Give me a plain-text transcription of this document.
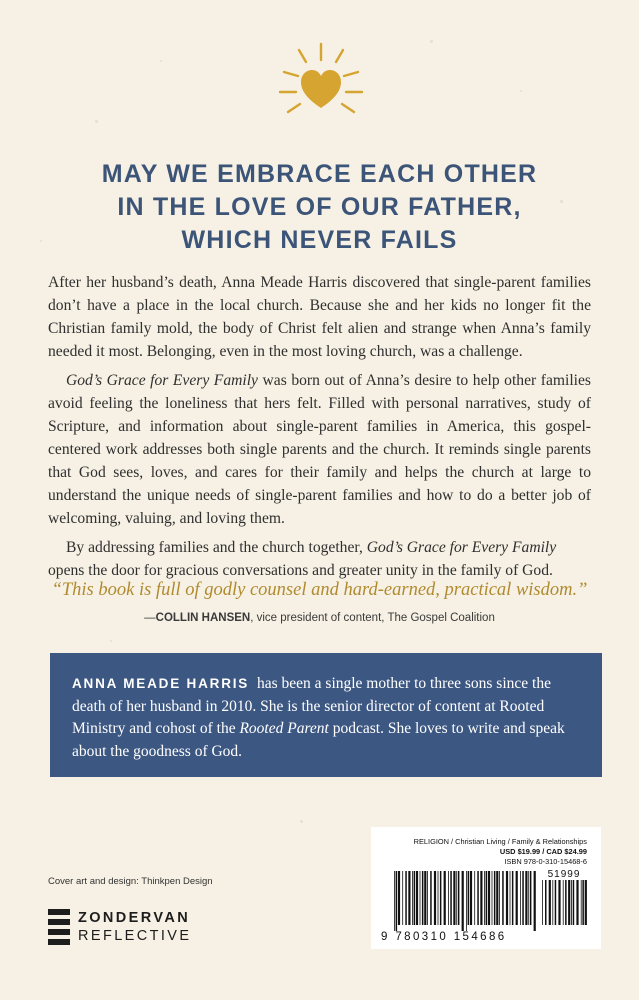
MAY WE EMBRACE EACH OTHER
IN THE LOVE OF OUR FATHER,
WHICH NEVER FAILS

After her husband’s death, Anna Meade Harris discovered that single-parent families don’t have a place in the local church. Because she and her kids no longer fit the Christian family mold, the body of Christ felt alien and strange when Anna’s family needed it most. Belonging, even in the most loving church, was a challenge.

God’s Grace for Every Family was born out of Anna’s desire to help other families avoid feeling the loneliness that hers felt. Filled with personal narratives, study of Scripture, and information about single-parent families in America, this gospel-centered work addresses both single parents and the church. It reminds single parents that God sees, loves, and cares for their family and helps the church at large to understand the unique needs of single-parent families and how to do a better job of welcoming, valuing, and loving them.

By addressing families and the church together, God’s Grace for Every Family opens the door for gracious conversations and greater unity in the family of God.

“This book is full of godly counsel and hard-earned, practical wisdom.”
—COLLIN HANSEN, vice president of content, The Gospel Coalition
ANNA MEADE HARRIS has been a single mother to three sons since the death of her husband in 2010. She is the senior director of content at Rooted Ministry and cohost of the Rooted Parent podcast. She loves to write and speak about the goodness of God.
Cover art and design: Thinkpen Design
ZONDERVAN
REFLECTIVE
RELIGION / Christian Living / Family & Relationships
USD $19.99 / CAD $24.99
ISBN 978-0-310-15468-6
51999
9 780310 154686
